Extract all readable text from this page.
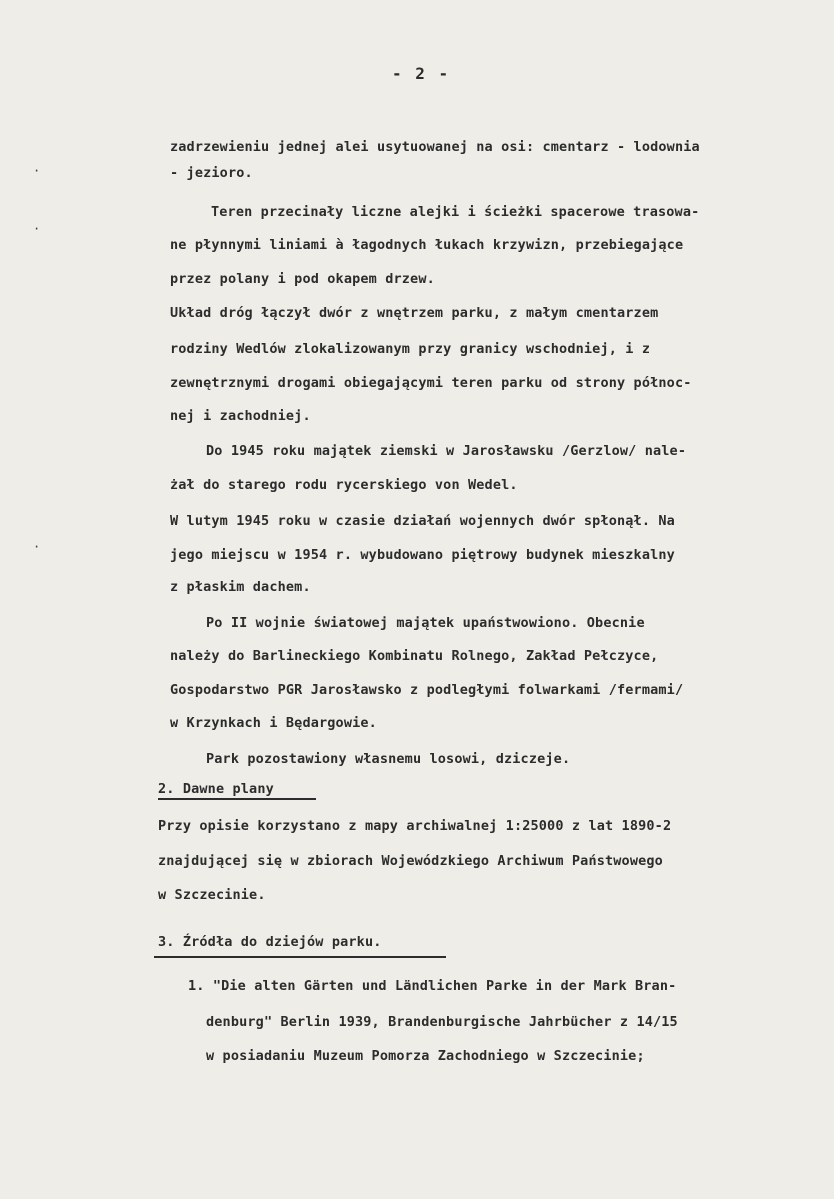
- 2 -
zadrzewieniu jednej alei usytuowanej na osi: cmentarz - lodownia
- jezioro.
Teren przecinały liczne alejki i ścieżki spacerowe trasowa-
ne płynnymi liniami à łagodnych łukach krzywizn, przebiegające
przez polany i pod okapem drzew.
Układ dróg łączył dwór z wnętrzem parku, z małym cmentarzem
rodziny Wedlów zlokalizowanym przy granicy wschodniej, i z
zewnętrznymi drogami obiegającymi teren parku od strony północ-
nej i zachodniej.
Do 1945 roku majątek ziemski w Jarosławsku /Gerzlow/ nale-
żał do starego rodu rycerskiego von Wedel.
W lutym 1945 roku w czasie działań wojennych dwór spłonął. Na
jego miejscu w 1954 r. wybudowano piętrowy budynek mieszkalny
z płaskim dachem.
Po II wojnie światowej majątek upaństwowiono. Obecnie
należy do Barlineckiego Kombinatu Rolnego, Zakład Pełczyce,
Gospodarstwo PGR Jarosławsko z podległymi folwarkami /fermami/
w Krzynkach i Będargowie.
Park pozostawiony własnemu losowi, dziczeje.
2. Dawne plany
Przy opisie korzystano z mapy archiwalnej 1:25000 z lat 1890-2
znajdującej się w zbiorach Wojewódzkiego Archiwum Państwowego
w Szczecinie.
3. Źródła do dziejów parku.
1. "Die alten Gärten und Ländlichen Parke in der Mark Bran-
denburg" Berlin 1939, Brandenburgische Jahrbücher z 14/15
w posiadaniu Muzeum Pomorza Zachodniego w Szczecinie;
·
·
·
